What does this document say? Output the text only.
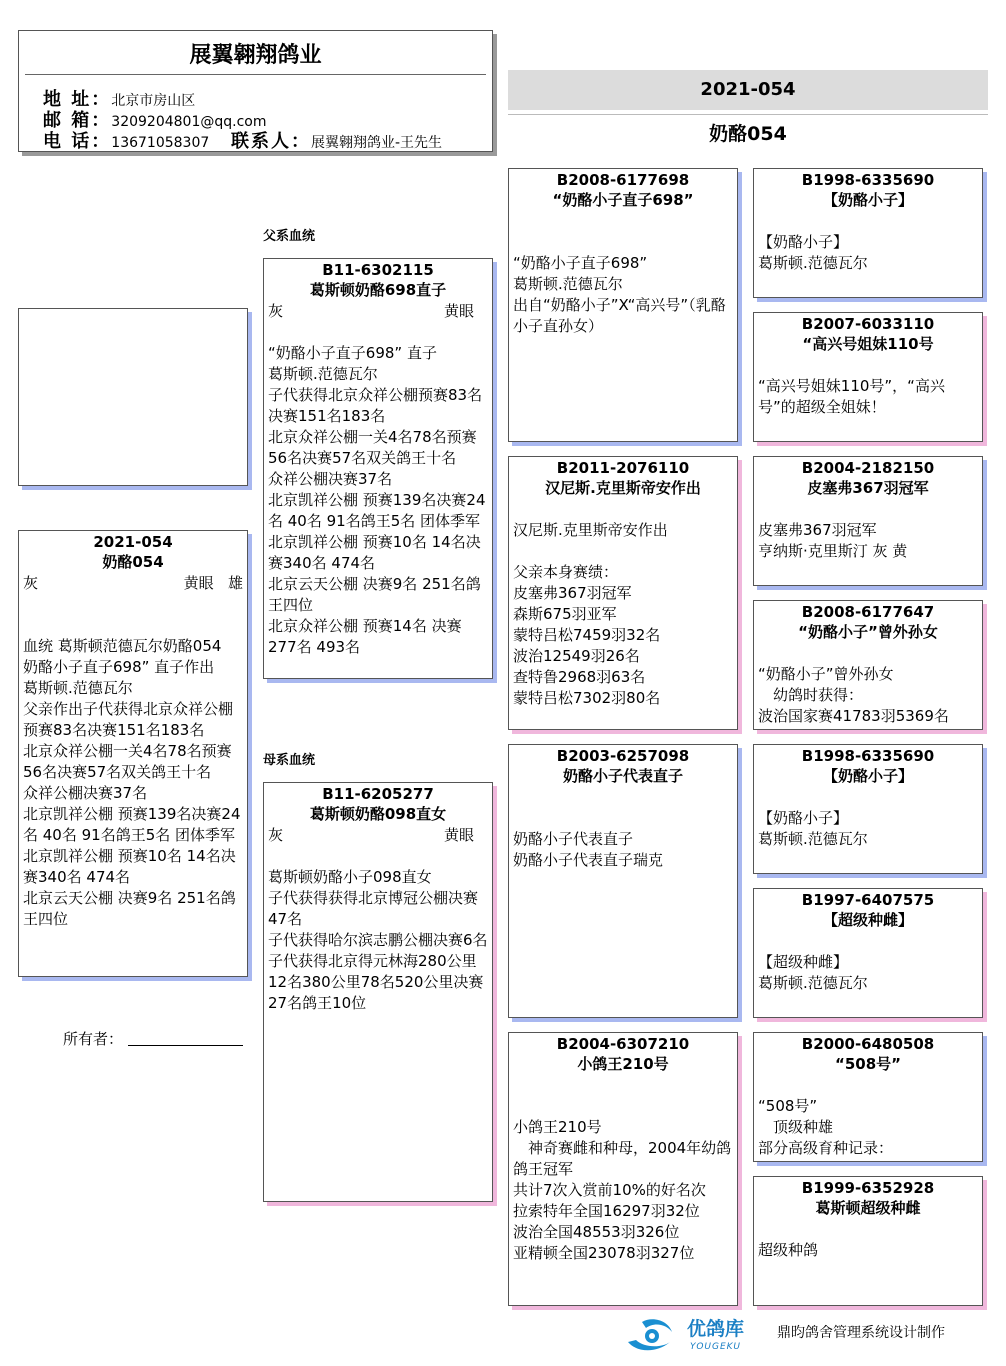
展翼翱翔鸽业
地 址：北京市房山区
邮 箱：3209204801@qq.com
电 话：13671058307 联系人：展翼翱翔鸽业-王先生
2021-054
奶酪054
2021-054
奶酪054
灰	黄眼 雄
血统 葛斯顿范德瓦尔奶酪054
奶酪小子直子698” 直子作出
葛斯顿.范德瓦尔
父亲作出子代获得北京众祥公棚预赛83名决赛151名183名
北京众祥公棚一关4名78名预赛56名决赛57名双关鸽王十名
众祥公棚决赛37名
北京凯祥公棚 预赛139名决赛24名 40名 91名鸽王5名 团体季军
北京凯祥公棚 预赛10名 14名决赛340名 474名
北京云天公棚 决赛9名 251名鸽王四位
所有者：
父系血统
母系血统
B11-6302115
葛斯顿奶酪698直子
灰	黄眼
“奶酪小子直子698” 直子
葛斯顿.范德瓦尔
子代获得北京众祥公棚预赛83名决赛151名183名
北京众祥公棚一关4名78名预赛56名决赛57名双关鸽王十名
众祥公棚决赛37名
北京凯祥公棚 预赛139名决赛24名 40名 91名鸽王5名 团体季军
北京凯祥公棚 预赛10名 14名决赛340名 474名
北京云天公棚 决赛9名 251名鸽王四位
北京众祥公棚 预赛14名 决赛277名 493名
B11-6205277
葛斯顿奶酪098直女
灰	黄眼
葛斯顿奶酪小子098直女
子代获得获得北京博冠公棚决赛47名
子代获得哈尔滨志鹏公棚决赛6名
子代获得北京得元林海280公里12名380公里78名520公里决赛27名鸽王10位
B2008-6177698
“奶酪小子直子698”
“奶酪小子直子698”
葛斯顿.范德瓦尔
出自“奶酪小子”X“高兴号”（乳酪小子直孙女）
B2011-2076110
汉尼斯.克里斯帝安作出
汉尼斯.克里斯帝安作出

父亲本身赛绩：
皮塞弗367羽冠军
森斯675羽亚军
蒙特吕松7459羽32名
波治12549羽26名
查特鲁2968羽63名
蒙特吕松7302羽80名
B2003-6257098
奶酪小子代表直子
奶酪小子代表直子
奶酪小子代表直子瑞克
B2004-6307210
小鸽王210号
小鸽王210号
　神奇赛雌和种母，2004年幼鸽鸽王冠军
共计7次入赏前10%的好名次
拉索特年全国16297羽32位
波治全国48553羽326位
亚精顿全国23078羽327位
B1998-6335690
【奶酪小子】
【奶酪小子】
葛斯顿.范德瓦尔
B2007-6033110
“高兴号姐妹110号
“高兴号姐妹110号”，“高兴号”的超级全姐妹！
B2004-2182150
皮塞弗367羽冠军
皮塞弗367羽冠军
亨纳斯·克里斯汀 灰 黄
B2008-6177647
“奶酪小子”曾外孙女
“奶酪小子”曾外孙女
　幼鸽时获得：
波治国家赛41783羽5369名
B1998-6335690
【奶酪小子】
【奶酪小子】
葛斯顿.范德瓦尔
B1997-6407575
【超级种雌】
【超级种雌】
葛斯顿.范德瓦尔
B2000-6480508
“508号”
“508号”
　顶级种雄
部分高级育种记录：
B1999-6352928
葛斯顿超级种雌
超级种鸽
优鸽库
YOUGEKU
鼎昀鸽舍管理系统设计制作
